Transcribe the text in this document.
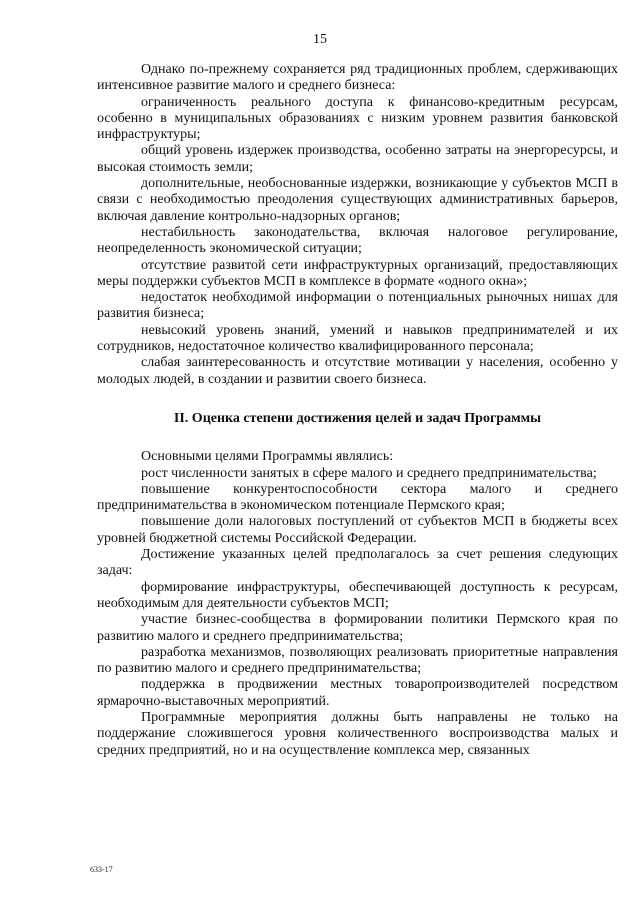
15

Однако по-прежнему сохраняется ряд традиционных проблем, сдерживающих интенсивное развитие малого и среднего бизнеса:

ограниченность реального доступа к финансово-кредитным ресурсам, особенно в муниципальных образованиях с низким уровнем развития банковской инфраструктуры;

общий уровень издержек производства, особенно затраты на энергоресурсы, и высокая стоимость земли;

дополнительные, необоснованные издержки, возникающие у субъектов МСП в связи с необходимостью преодоления существующих административных барьеров, включая давление контрольно-надзорных органов;

нестабильность законодательства, включая налоговое регулирование, неопределенность экономической ситуации;

отсутствие развитой сети инфраструктурных организаций, предоставляющих меры поддержки субъектов МСП в комплексе в формате «одного окна»;

недостаток необходимой информации о потенциальных рыночных нишах для развития бизнеса;

невысокий уровень знаний, умений и навыков предпринимателей и их сотрудников, недостаточное количество квалифицированного персонала;

слабая заинтересованность и отсутствие мотивации у населения, особенно у молодых людей, в создании и развитии своего бизнеса.

II. Оценка степени достижения целей и задач Программы

Основными целями Программы являлись:

рост численности занятых в сфере малого и среднего предпринимательства;

повышение конкурентоспособности сектора малого и среднего предпринимательства в экономическом потенциале Пермского края;

повышение доли налоговых поступлений от субъектов МСП в бюджеты всех уровней бюджетной системы Российской Федерации.

Достижение указанных целей предполагалось за счет решения следующих задач:

формирование инфраструктуры, обеспечивающей доступность к ресурсам, необходимым для деятельности субъектов МСП;

участие бизнес-сообщества в формировании политики Пермского края по развитию малого и среднего предпринимательства;

разработка механизмов, позволяющих реализовать приоритетные направления по развитию малого и среднего предпринимательства;

поддержка в продвижении местных товаропроизводителей посредством ярмарочно-выставочных мероприятий.

Программные мероприятия должны быть направлены не только на поддержание сложившегося уровня количественного воспроизводства малых и средних предприятий, но и на осуществление комплекса мер, связанных

633-17
